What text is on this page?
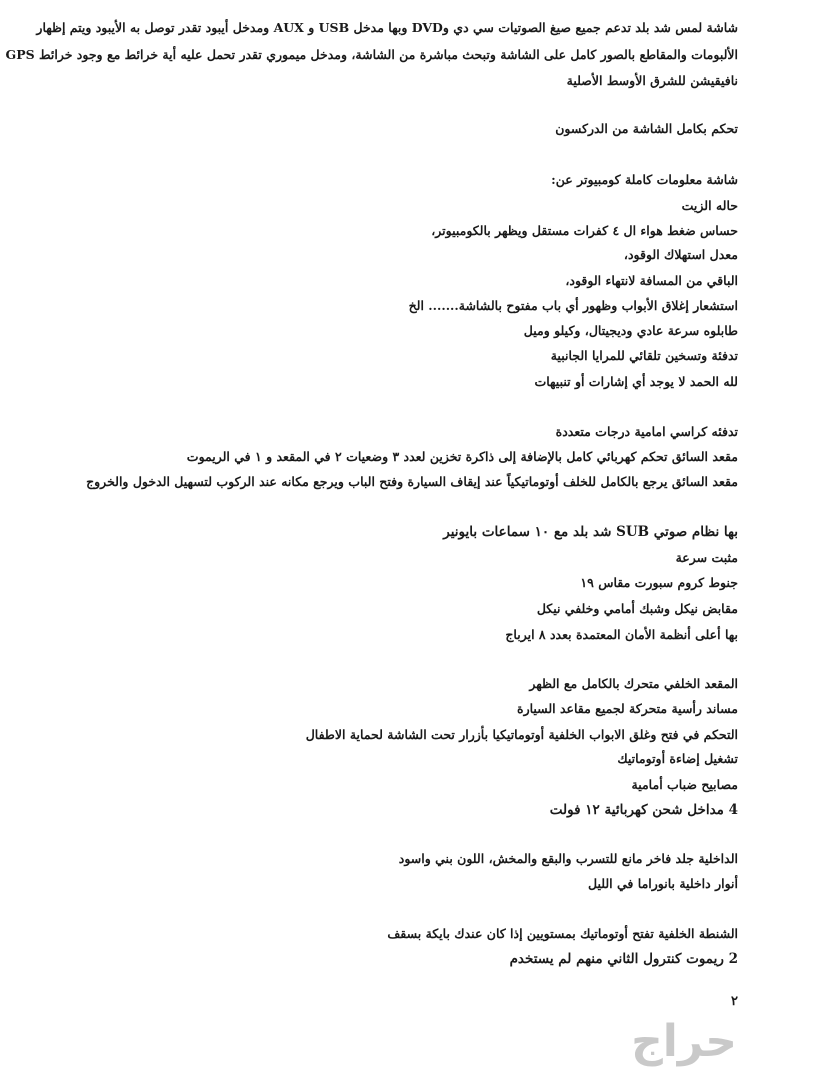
شاشة لمس شد بلد تدعم جميع صيغ الصوتيات سي دي وDVD وبها مدخل USB و AUX ومدخل أيبود تقدر توصل به الأيبود ويتم إظهار
الألبومات والمقاطع بالصور كامل على الشاشة وتبحث مباشرة من الشاشة، ومدخل ميموري تقدر تحمل عليه أية خرائط مع وجود خرائط GPS
نافيقيشن للشرق الأوسط الأصلية
تحكم بكامل الشاشة من الدركسون
شاشة معلومات كاملة كومبيوتر عن:
حاله الزيت
حساس ضغط هواء ال ٤ كفرات مستقل ويظهر بالكومبيوتر،
معدل استهلاك الوقود،
الباقي من المسافة لانتهاء الوقود،
استشعار إغلاق الأبواب وظهور أي باب مفتوح بالشاشة....... الخ
طابلوه سرعة عادي وديجيتال، وكيلو وميل
تدفئة وتسخين تلقائي للمرايا الجانبية
لله الحمد لا يوجد أي إشارات أو تنبيهات
تدفئه كراسي امامية درجات متعددة
مقعد السائق تحكم كهربائي كامل بالإضافة إلى ذاكرة تخزين لعدد ٣ وضعيات ٢ في المقعد و ١ في الريموت
مقعد السائق يرجع بالكامل للخلف أوتوماتيكياً عند إيقاف السيارة وفتح الباب ويرجع مكانه عند الركوب لتسهيل الدخول والخروج
بها نظام صوتي SUB شد بلد مع ١٠ سماعات بايونير
مثبت سرعة
جنوط كروم سبورت مقاس ١٩
مقابض نيكل وشبك أمامي وخلفي نيكل
بها أعلى أنظمة الأمان المعتمدة بعدد ٨ ايرباج
المقعد الخلفي متحرك بالكامل مع الظهر
مساند رأسية متحركة لجميع مقاعد السيارة
التحكم في فتح وغلق الابواب الخلفية أوتوماتيكيا بأزرار تحت الشاشة لحماية الاطفال
تشغيل إضاءة أوتوماتيك
مصابيح ضباب أمامية
4 مداخل شحن كهربائية ١٢ فولت
الداخلية جلد فاخر مانع للتسرب والبقع والمخش، اللون بني واسود
أنوار داخلية بانوراما في الليل
الشنطة الخلفية تفتح أوتوماتيك بمستويين إذا كان عندك بايكة بسقف
2 ريموت كنترول الثاني منهم لم يستخدم
٢
حراج
